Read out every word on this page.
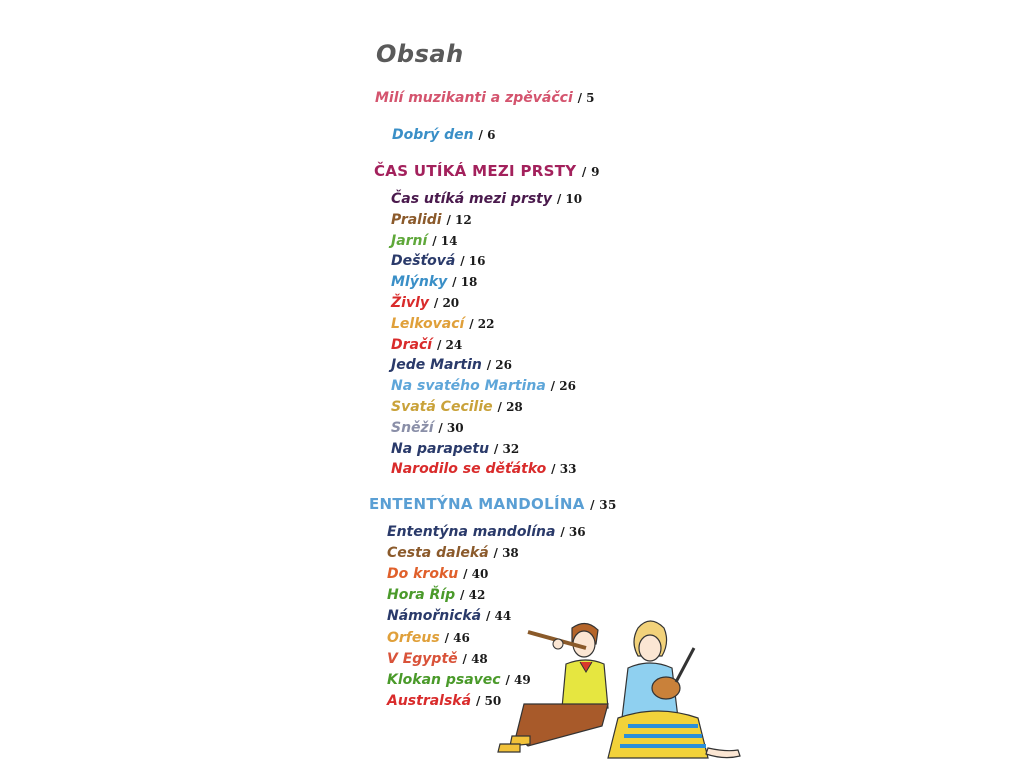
Obsah
Milí muzikanti a zpěváčci / 5
Dobrý den / 6
ČAS UTÍKÁ MEZI PRSTY / 9
Čas utíká mezi prsty / 10
Pralidi / 12
Jarní / 14
Dešťová / 16
Mlýnky / 18
Živly / 20
Lelkovací / 22
Dračí / 24
Jede Martin / 26
Na svatého Martina / 26
Svatá Cecilie / 28
Sněží / 30
Na parapetu / 32
Narodilo se děťátko / 33
ENTENTÝNA MANDOLÍNA / 35
Ententýna mandolína / 36
Cesta daleká / 38
Do kroku / 40
Hora Říp / 42
Námořnická / 44
Orfeus / 46
V Egyptě / 48
Klokan psavec / 49
Australská / 50
